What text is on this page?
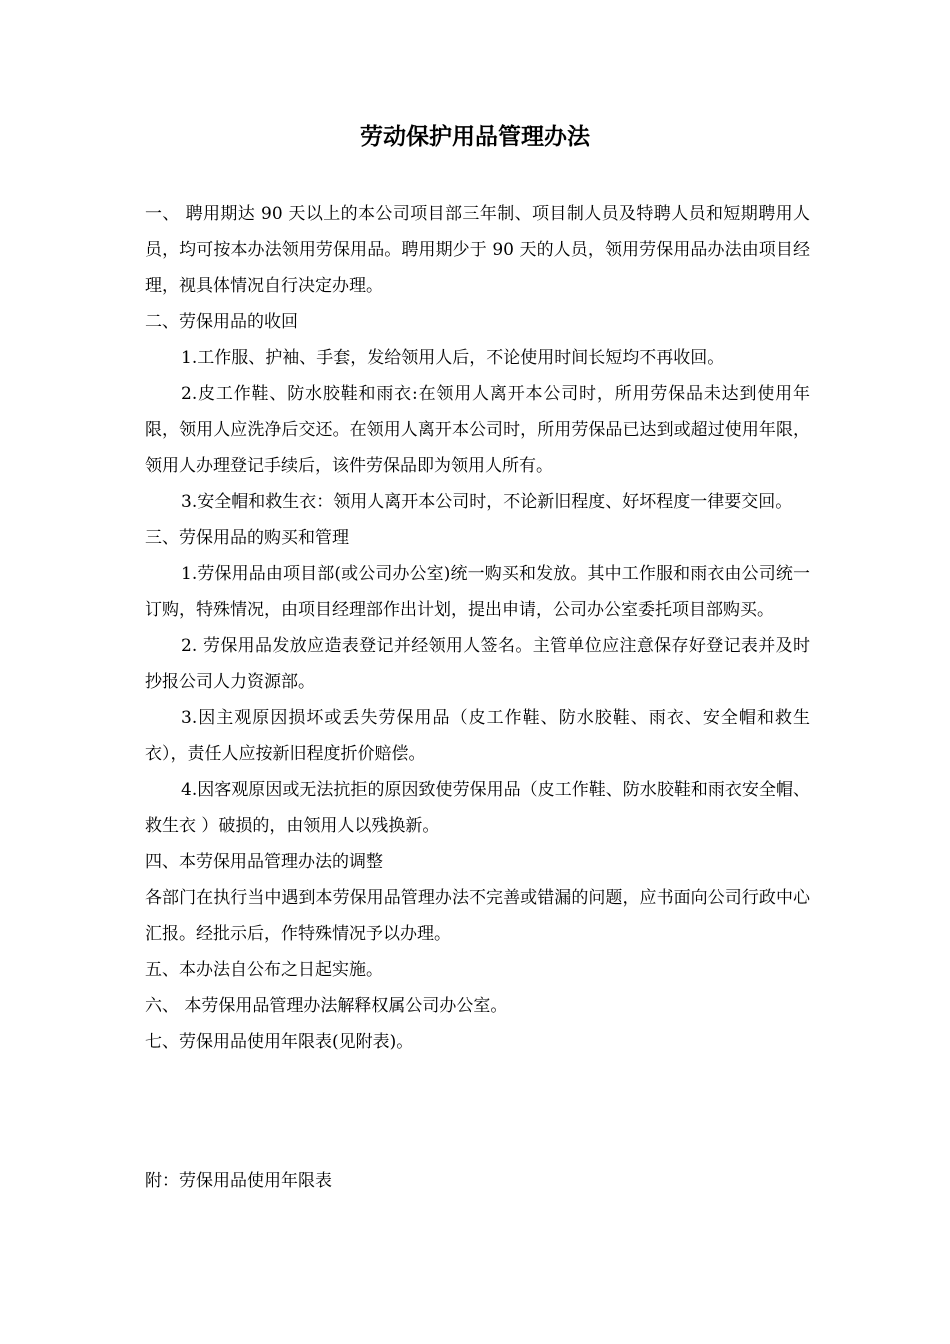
劳动保护用品管理办法

一、 聘用期达 90 天以上的本公司项目部三年制、项目制人员及特聘人员和短期聘用人员，均可按本办法领用劳保用品。聘用期少于 90 天的人员，领用劳保用品办法由项目经理，视具体情况自行决定办理。

二、劳保用品的收回

1.工作服、护袖、手套，发给领用人后，不论使用时间长短均不再收回。

2.皮工作鞋、防水胶鞋和雨衣:在领用人离开本公司时，所用劳保品未达到使用年限，领用人应洗净后交还。在领用人离开本公司时，所用劳保品已达到或超过使用年限，领用人办理登记手续后，该件劳保品即为领用人所有。

3.安全帽和救生衣：领用人离开本公司时，不论新旧程度、好坏程度一律要交回。

三、劳保用品的购买和管理

1.劳保用品由项目部(或公司办公室)统一购买和发放。其中工作服和雨衣由公司统一订购，特殊情况，由项目经理部作出计划，提出申请，公司办公室委托项目部购买。

2. 劳保用品发放应造表登记并经领用人签名。主管单位应注意保存好登记表并及时抄报公司人力资源部。

3.因主观原因损坏或丢失劳保用品（皮工作鞋、防水胶鞋、雨衣、安全帽和救生衣），责任人应按新旧程度折价赔偿。

4.因客观原因或无法抗拒的原因致使劳保用品（皮工作鞋、防水胶鞋和雨衣安全帽、救生衣 ）破损的，由领用人以残换新。

四、本劳保用品管理办法的调整

各部门在执行当中遇到本劳保用品管理办法不完善或错漏的问题，应书面向公司行政中心汇报。经批示后，作特殊情况予以办理。

五、本办法自公布之日起实施。

六、 本劳保用品管理办法解释权属公司办公室。

七、劳保用品使用年限表(见附表)。

附：劳保用品使用年限表
